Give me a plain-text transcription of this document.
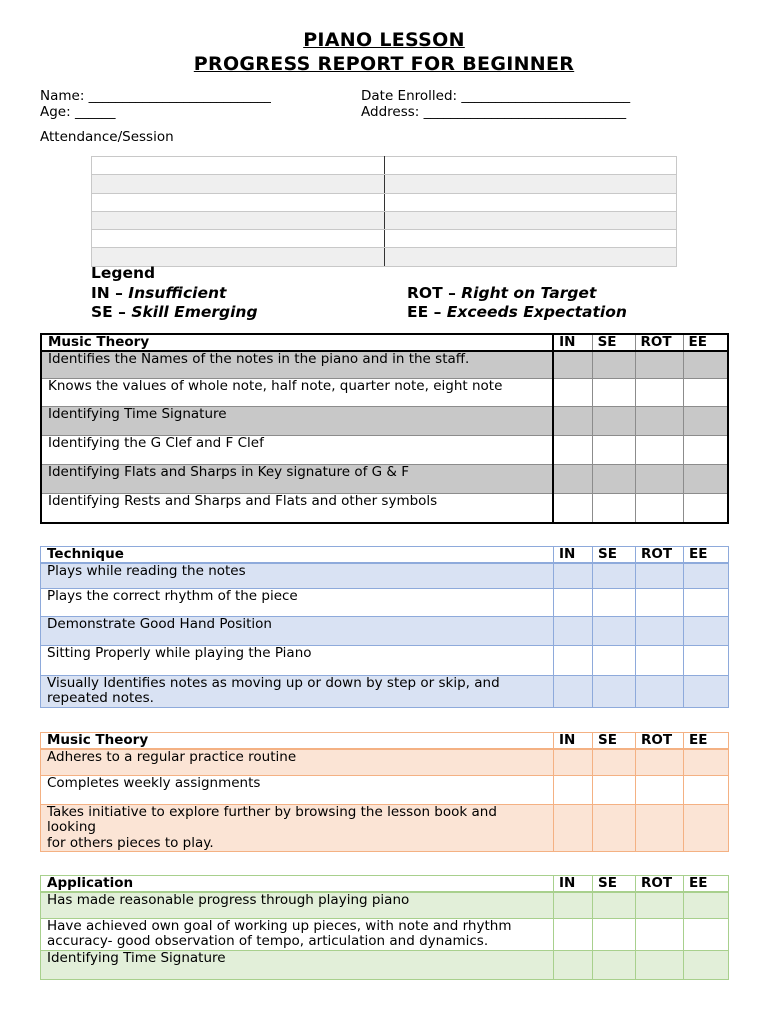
PIANO LESSON
PROGRESS REPORT FOR BEGINNER
Name: ___________________________
Age: ______
Date Enrolled: _________________________
Address: ______________________________
Attendance/Session

Legend
IN – Insufficient	ROT – Right on Target
SE – Skill Emerging	EE – Exceeds Expectation
Music Theory	IN	SE	ROT	EE

Identifies the Names of the notes in the piano and in the staff.				

Knows the values of whole note, half note, quarter note, eight note				

Identifying Time Signature				

Identifying the G Clef and F Clef				

Identifying Flats and Sharps in Key signature of G & F				

Identifying Rests and Sharps and Flats and other symbols				

Technique	IN	SE	ROT	EE

Plays while reading the notes				

Plays the correct rhythm of the piece				

Demonstrate Good Hand Position				

Sitting Properly while playing the Piano				

Visually Identifies notes as moving up or down by step or skip, and
repeated notes.				

Music Theory	IN	SE	ROT	EE

Adheres to a regular practice routine				

Completes weekly assignments				

Takes initiative to explore further by browsing the lesson book and
looking
for others pieces to play.				

Application	IN	SE	ROT	EE

Has made reasonable progress through playing piano				

Have achieved own goal of working up pieces, with note and rhythm
accuracy- good observation of tempo, articulation and dynamics.				

Identifying Time Signature				
